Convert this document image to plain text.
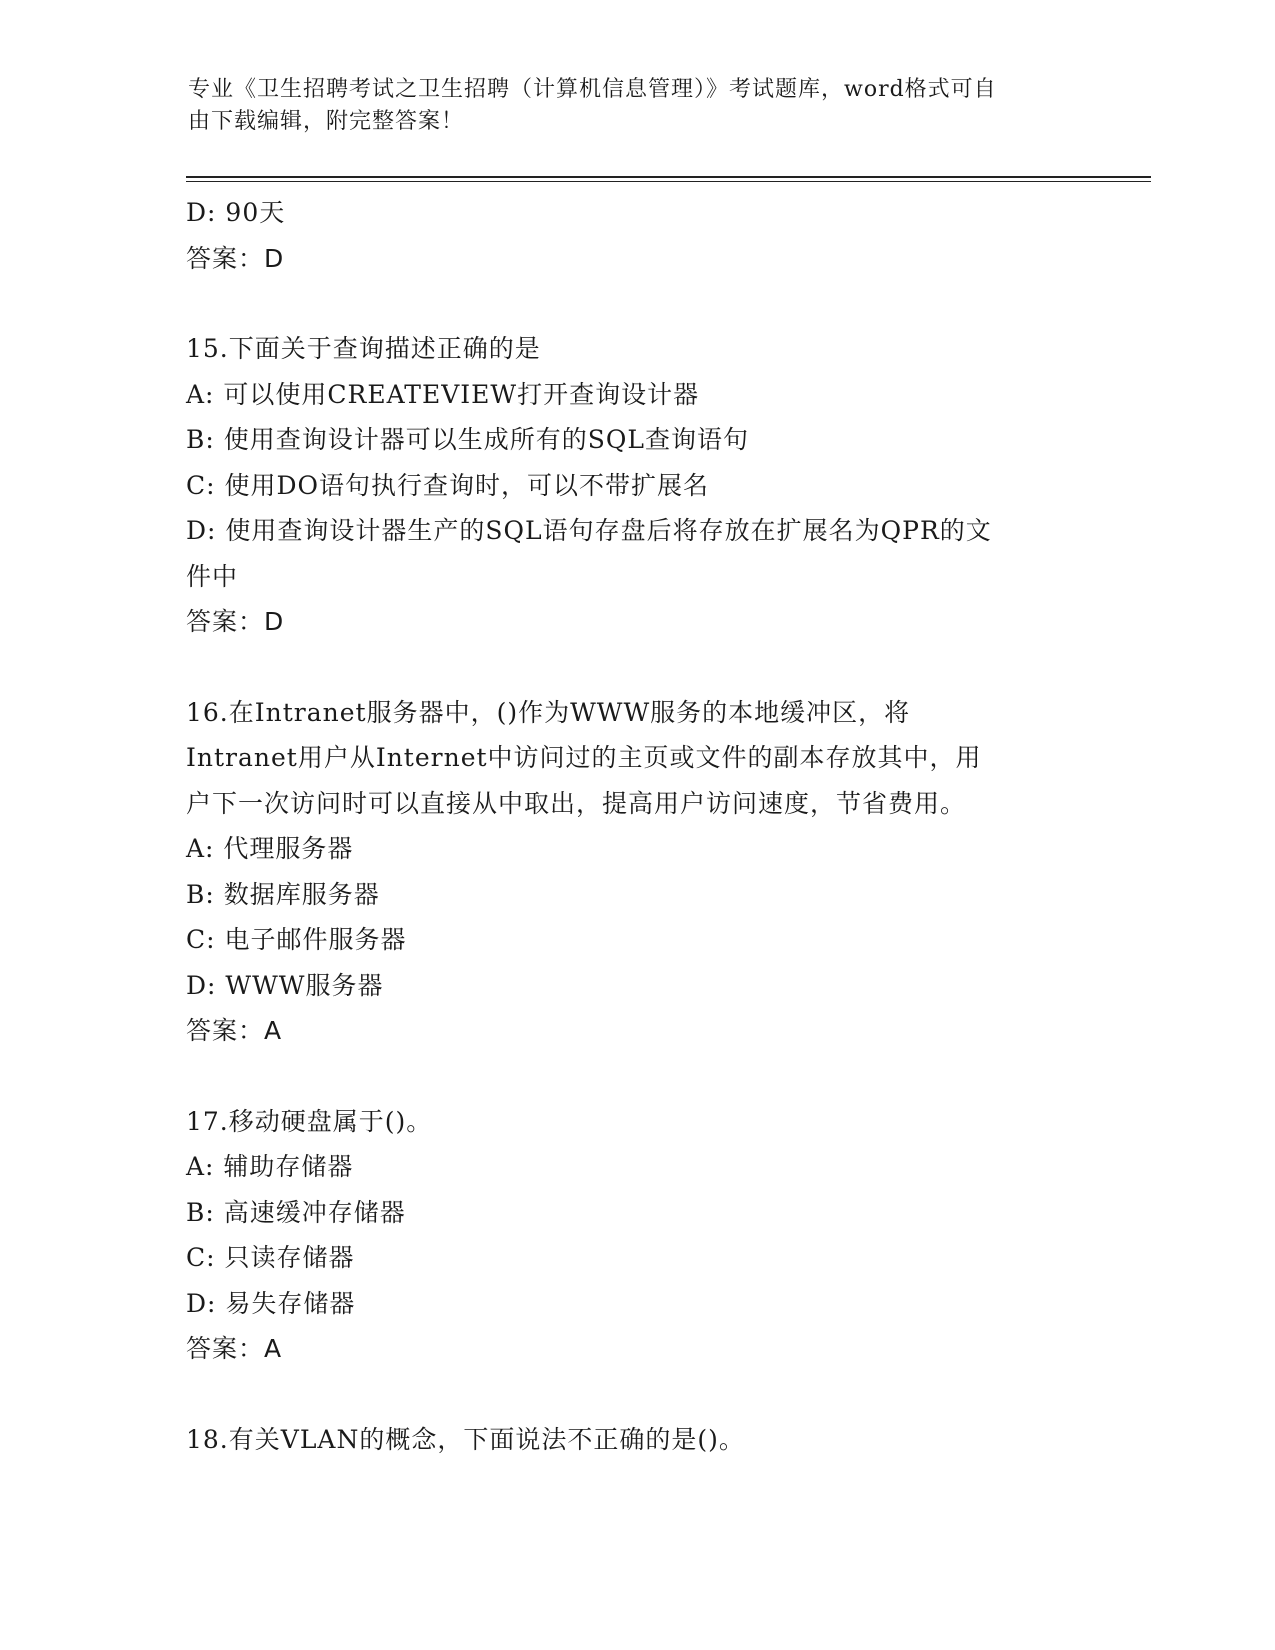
专业《卫生招聘考试之卫生招聘（计算机信息管理）》考试题库，word格式可自
由下载编辑，附完整答案！
D: 90天
答案：D
15.下面关于查询描述正确的是
A: 可以使用CREATEVIEW打开查询设计器
B: 使用查询设计器可以生成所有的SQL查询语句
C: 使用DO语句执行查询时，可以不带扩展名
D: 使用查询设计器生产的SQL语句存盘后将存放在扩展名为QPR的文
件中
答案：D
16.在Intranet服务器中，()作为WWW服务的本地缓冲区，将
Intranet用户从Internet中访问过的主页或文件的副本存放其中，用
户下一次访问时可以直接从中取出，提高用户访问速度，节省费用。
A: 代理服务器
B: 数据库服务器
C: 电子邮件服务器
D: WWW服务器
答案：A
17.移动硬盘属于()。
A: 辅助存储器
B: 高速缓冲存储器
C: 只读存储器
D: 易失存储器
答案：A
18.有关VLAN的概念，下面说法不正确的是()。
